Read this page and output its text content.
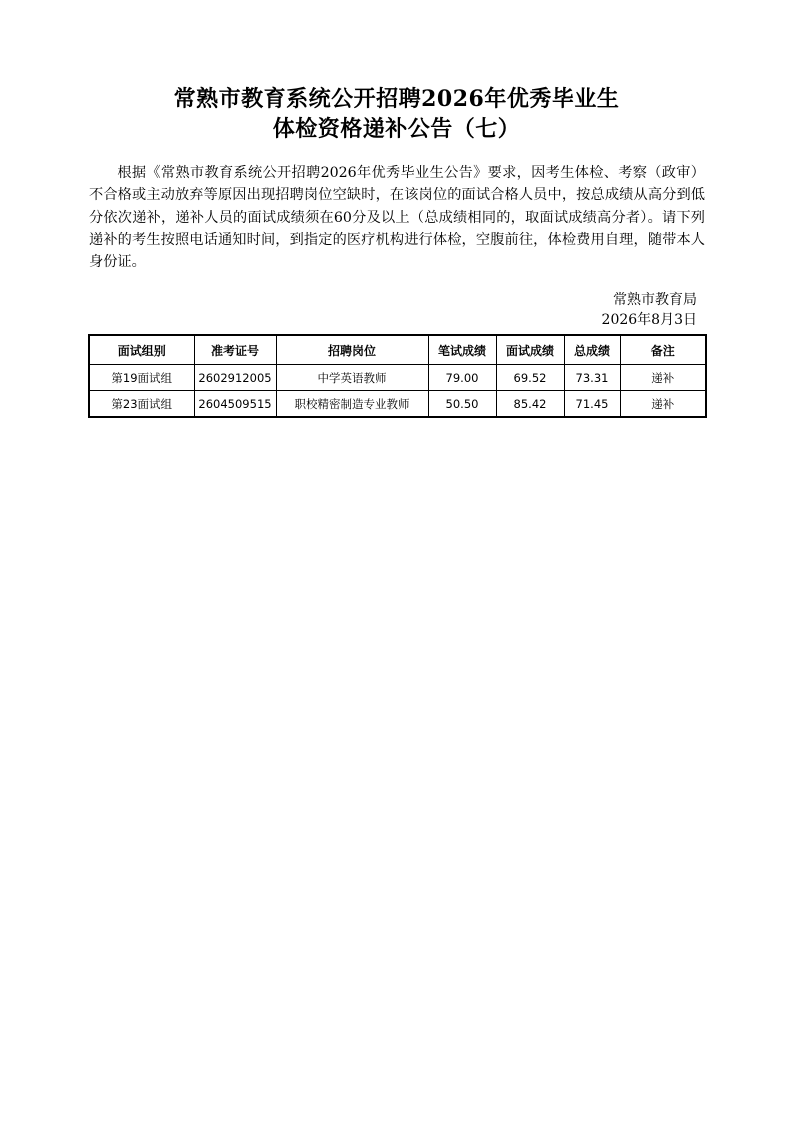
常熟市教育系统公开招聘2026年优秀毕业生
体检资格递补公告（七）
根据《常熟市教育系统公开招聘2026年优秀毕业生公告》要求，因考生体检、考察（政审）不合格或主动放弃等原因出现招聘岗位空缺时，在该岗位的面试合格人员中，按总成绩从高分到低分依次递补，递补人员的面试成绩须在60分及以上（总成绩相同的，取面试成绩高分者）。请下列递补的考生按照电话通知时间，到指定的医疗机构进行体检，空腹前往，体检费用自理，随带本人身份证。
常熟市教育局
2026年8月3日
面试组别	准考证号	招聘岗位	笔试成绩	面试成绩	总成绩	备注
第19面试组	2602912005	中学英语教师	79.00	69.52	73.31	递补
第23面试组	2604509515	职校精密制造专业教师	50.50	85.42	71.45	递补
